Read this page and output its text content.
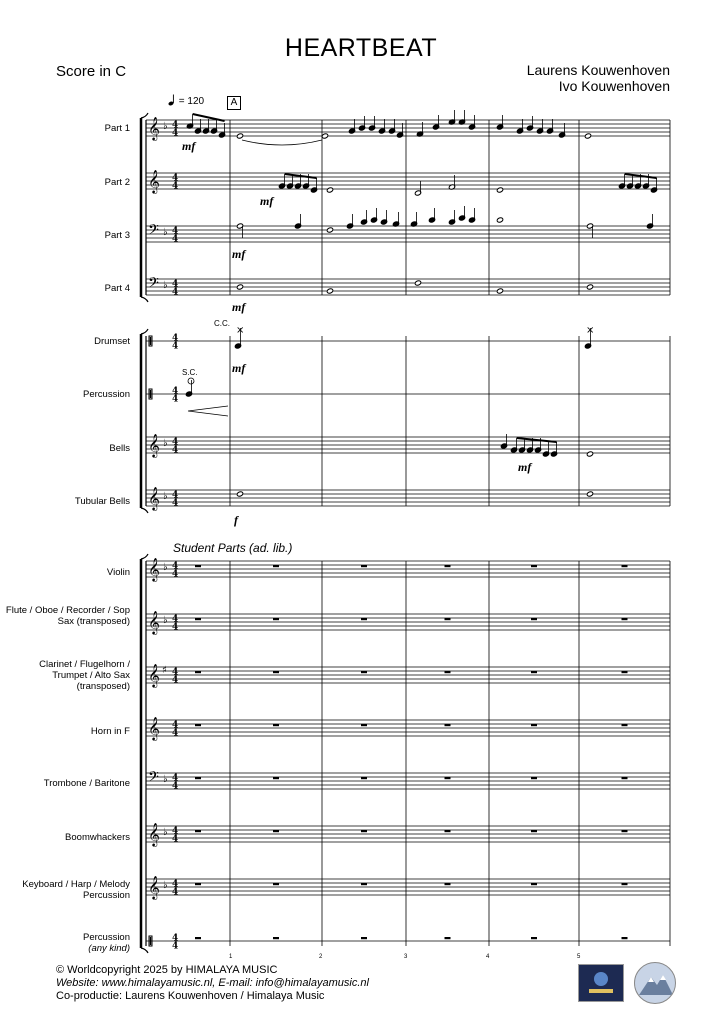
HEARTBEAT
Score in C	Laurens Kouwenhoven
Ivo Kouwenhoven
= 120	A
Part 1
Part 2
Part 3
Part 4
Drumset
Percussion
Bells
Tubular Bells
Violin
Flute / Oboe / Recorder / Sop Sax (transposed)
Clarinet / Flugelhorn / Trumpet / Alto Sax (transposed)
Horn in F
Trombone / Baritone
Boomwhackers
Keyboard / Harp / Melody Percussion
Percussion
(any kind)
Student Parts (ad. lib.)
𝄞 ♭ 4
4
𝄞 4
4
𝄢 ♭ 4
4
𝄢 ♭ 4
4
4
4
4
4
𝄞 ♭ 4
4
𝄞 ♭ 4
4
𝄞 ♭ 4
4
𝄞 ♭ 4
4
𝄞 ♯ 4
4
𝄞 4
4
𝄢 ♭ 4
4
𝄞 ♭ 4
4
𝄞 ♭ 4
4
4
4
×	×
C.C.
S.C.
mf
mf
mf
mf
mf
mf
f
1	2	3	4	5
© Worldcopyright 2025 by HIMALAYA MUSIC
Website: www.himalayamusic.nl, E-mail: info@himalayamusic.nl
Co-productie: Laurens Kouwenhoven / Himalaya Music
